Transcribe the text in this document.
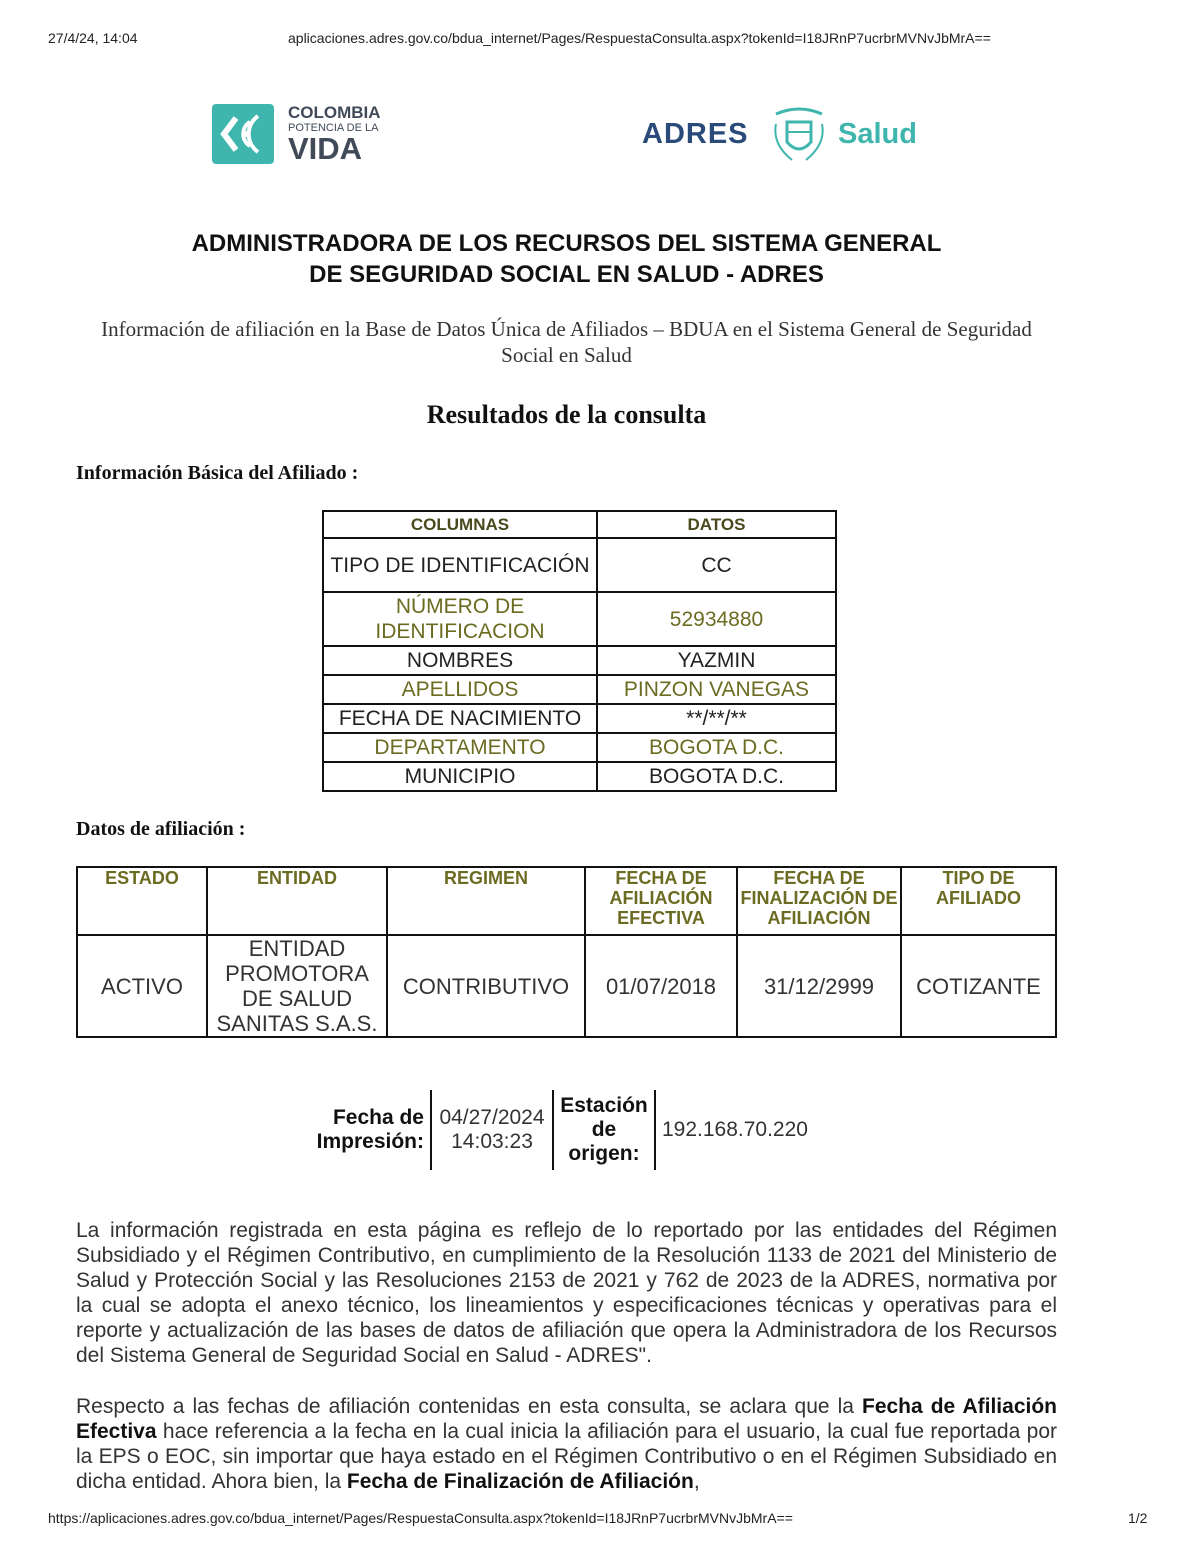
27/4/24, 14:04	aplicaciones.adres.gov.co/bdua_internet/Pages/RespuestaConsulta.aspx?tokenId=I18JRnP7ucrbrMVNvJbMrA==
COLOMBIA
POTENCIA DE LA
VIDA	ADRES	Salud
ADMINISTRADORA DE LOS RECURSOS DEL SISTEMA GENERAL
DE SEGURIDAD SOCIAL EN SALUD - ADRES
Información de afiliación en la Base de Datos Única de Afiliados – BDUA en el Sistema General de Seguridad Social en Salud
Resultados de la consulta
Información Básica del Afiliado :
COLUMNAS	DATOS
TIPO DE IDENTIFICACIÓN	CC
NÚMERO DE IDENTIFICACION	52934880
NOMBRES	YAZMIN
APELLIDOS	PINZON VANEGAS
FECHA DE NACIMIENTO	**/**/**
DEPARTAMENTO	BOGOTA D.C.
MUNICIPIO	BOGOTA D.C.
Datos de afiliación :
ESTADO	ENTIDAD	REGIMEN	FECHA DE AFILIACIÓN EFECTIVA	FECHA DE FINALIZACIÓN DE AFILIACIÓN	TIPO DE AFILIADO
ACTIVO	ENTIDAD PROMOTORA DE SALUD SANITAS S.A.S.	CONTRIBUTIVO	01/07/2018	31/12/2999	COTIZANTE
Fecha de Impresión:	04/27/2024 14:03:23	Estación de origen:	192.168.70.220
La información registrada en esta página es reflejo de lo reportado por las entidades del Régimen Subsidiado y el Régimen Contributivo, en cumplimiento de la Resolución 1133 de 2021 del Ministerio de Salud y Protección Social y las Resoluciones 2153 de 2021 y 762 de 2023 de la ADRES, normativa por la cual se adopta el anexo técnico, los lineamientos y especificaciones técnicas y operativas para el reporte y actualización de las bases de datos de afiliación que opera la Administradora de los Recursos del Sistema General de Seguridad Social en Salud - ADRES".
Respecto a las fechas de afiliación contenidas en esta consulta, se aclara que la Fecha de Afiliación Efectiva hace referencia a la fecha en la cual inicia la afiliación para el usuario, la cual fue reportada por la EPS o EOC, sin importar que haya estado en el Régimen Contributivo o en el Régimen Subsidiado en dicha entidad. Ahora bien, la Fecha de Finalización de Afiliación,
https://aplicaciones.adres.gov.co/bdua_internet/Pages/RespuestaConsulta.aspx?tokenId=I18JRnP7ucrbrMVNvJbMrA==	1/2
